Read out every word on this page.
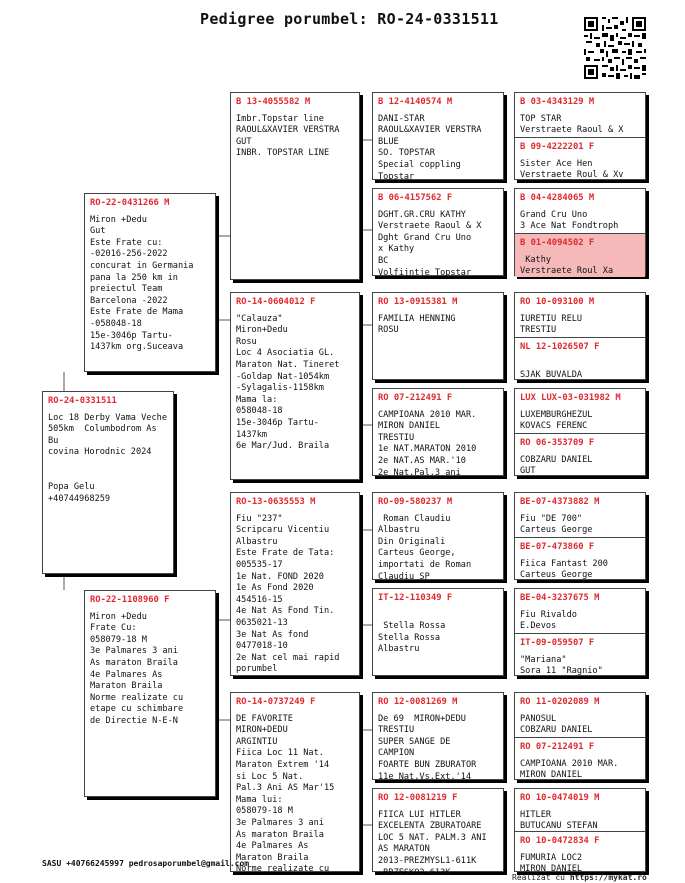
Pedigree porumbel: RO-24-0331511
RO-24-0331511
Loc 18 Derby Vama Veche
505km  Columbodrom As Bu
covina Horodnic 2024

Popa Gelu
+40744968259
RO-22-0431266 M
Miron +Dedu
Gut
Este Frate cu:
-02016-256-2022
concurat in Germania
pana la 250 km in
preiectul Team
Barcelona -2022
Este Frate de Mama
-058048-18
15e-3046p Tartu-
1437km org.Suceava
RO-22-1108960 F
Miron +Dedu
Frate Cu:
058079-18 M
3e Palmares 3 ani
As maraton Braila
4e Palmares As
Maraton Braila
Norme realizate cu
etape cu schimbare
de Directie N-E-N
B 13-4055582 M
Imbr.Topstar line
RAOUL&XAVIER VERSTRA
GUT
INBR. TOPSTAR LINE
RO-14-0604012 F
"Calauza"
Miron+Dedu
Rosu
Loc 4 Asociatia GL.
Maraton Nat. Tineret
-Goldap Nat-1054km
-Sylagalis-1158km
Mama la:
058048-18
15e-3046p Tartu-
1437km
6e Mar/Jud. Braila
RO-13-0635553 M
Fiu "237"
Scripcaru Vicentiu
Albastru
Este Frate de Tata:
005535-17
1e Nat. FOND 2020
1e As Fond 2020
454516-15
4e Nat As Fond Tin.
0635021-13
3e Nat As fond
0477018-10
2e Nat cel mai rapid
porumbel
RO-14-0737249 F
DE FAVORITE
MIRON+DEDU
ARGINTIU
Fiica Loc 11 Nat.
Maraton Extrem '14
si Loc 5 Nat.
Pal.3 Ani AS Mar'15
Mama lui:
058079-18 M
3e Palmares 3 ani
As maraton Braila
4e Palmares As
Maraton Braila
Norme realizate cu
B 12-4140574 M
DANI-STAR
RAOUL&XAVIER VERSTRA
BLUE
SO. TOPSTAR
Special coppling
Topstar
B 06-4157562 F
DGHT.GR.CRU KATHY
Verstraete Raoul & X
Dght Grand Cru Uno
x Kathy
BC
Volfijntje Topstar
RO 13-0915381 M
FAMILIA HENNING
ROSU
RO 07-212491 F
CAMPIOANA 2010 MAR.
MIRON DANIEL
TRESTIU
1e NAT.MARATON 2010
2e NAT.AS MAR.'10
2e Nat.Pal.3 ani
RO-09-580237 M
Roman Claudiu
Albastru
Din Originali
Carteus George,
importati de Roman
Claudiu SP
IT-12-110349 F

Stella Rossa
Stella Rossa
Albastru
RO 12-0081269 M
De 69  MIRON+DEDU
TRESTIU
SUPER SANGE DE
CAMPION
FOARTE BUN ZBURATOR
11e Nat.Vs.Ext.'14
RO 12-0081219 F
FIICA LUI HITLER
EXCELENTA ZBURATOARE
LOC 5 NAT. PALM.3 ANI
AS MARATON
2013-PREZMYSL1-611K
-BRZESKO2-613K
B 03-4343129 M
TOP STAR
Verstraete Raoul & X
B 09-4222201 F
Sister Ace Hen
Verstraete Roul & Xv
B 04-4284065 M
Grand Cru Uno
3 Ace Nat Fondtroph
B 01-4094502 F
Kathy
Verstraete Roul Xa
RO 10-093100 M
IURETIU RELU
TRESTIU
NL 12-1026507 F

SJAK BUVALDA
LUX LUX-03-031982 M
LUXEMBURGHEZUL
KOVACS FERENC
RO 06-353709 F
COBZARU DANIEL
GUT
BE-07-4373882 M
Fiu "DE 700"
Carteus George
BE-07-473860 F
Fiica Fantast 200
Carteus George
BE-04-3237675 M
Fiu Rivaldo
E.Devos
IT-09-059507 F
"Mariana"
Sora 11 "Ragnio"
RO 11-0202089 M
PANOSUL
COBZARU DANIEL
RO 07-212491 F
CAMPIOANA 2010 MAR.
MIRON DANIEL
RO 10-0474019 M
HITLER
BUTUCANU STEFAN
RO 10-0472834 F
FUMURIA LOC2
MIRON DANIEL
SASU +40766245997 pedrosaporumbel@gmail.com
Realizat cu https://mykat.ro
